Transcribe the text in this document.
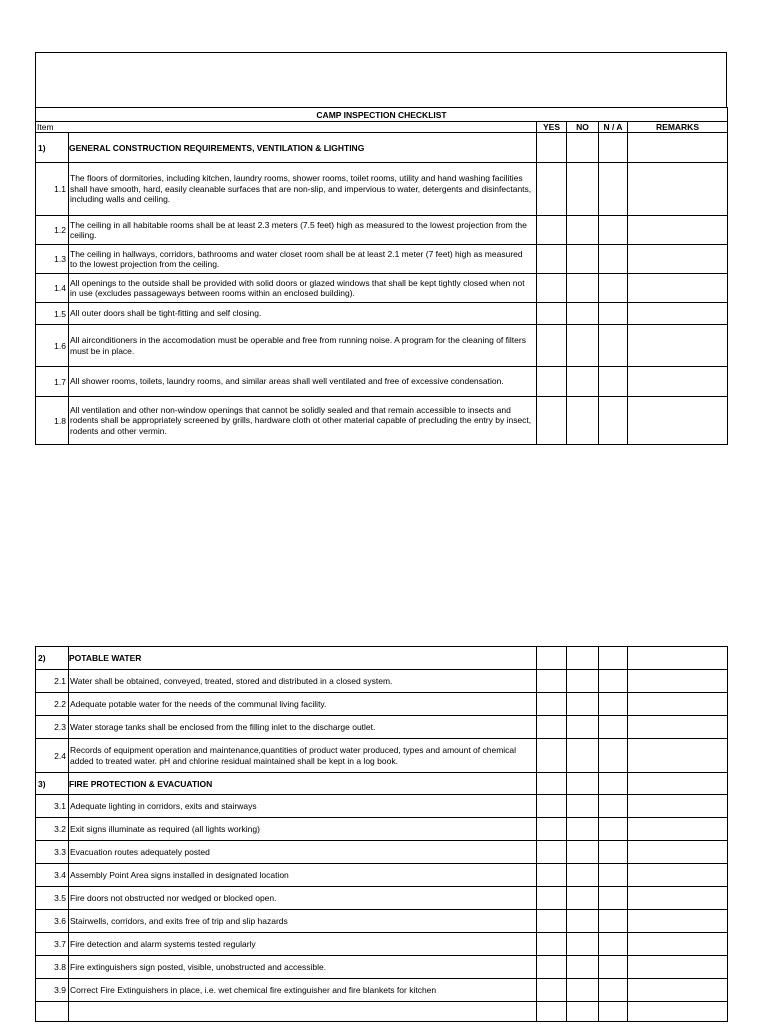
CAMP INSPECTION CHECKLIST					
Item		YES	NO	N / A	REMARKS
1)	GENERAL CONSTRUCTION REQUIREMENTS, VENTILATION & LIGHTING				
1.1	The floors of dormitories, including kitchen, laundry rooms, shower rooms, toilet rooms, utility and hand washing facilities shall have smooth, hard, easily cleanable surfaces that are non-slip, and impervious to water, detergents and disinfectants, including walls and ceiling.				
1.2	The ceiling in all habitable rooms shall be at least 2.3 meters (7.5 feet) high as measured to the lowest projection from the ceiling.				
1.3	The ceiling in hallways, corridors, bathrooms and water closet room shall be at least 2.1 meter (7 feet) high as measured to the lowest projection from the ceiling.				
1.4	All openings to the outside shall be provided with solid doors or glazed windows that shall be kept tightly closed when not in use (excludes passageways between rooms within an enclosed building).				
1.5	All outer doors shall be tight-fitting and self closing.				
1.6	All airconditioners in the accomodation must be operable and free from running noise. A program for the cleaning of filters must be in place.				
1.7	All shower rooms, toilets, laundry rooms, and similar areas shall well ventilated and free of excessive condensation.				
1.8	All ventilation and other non-window openings that cannot be solidly sealed and that remain accessible to insects and rodents shall be appropriately screened by grills, hardware cloth ot other material capable of precluding the entry by insect, rodents and other vermin.				
2)	POTABLE WATER				
2.1	Water shall be obtained, conveyed, treated, stored and distributed in a closed system.				
2.2	Adequate potable water for the needs of the communal living facility.				
2.3	Water storage tanks shall be enclosed from the filling inlet to the discharge outlet.				
2.4	Records of equipment operation and maintenance,quantities of product water produced, types and amount of chemical added to treated water. pH and chlorine residual maintained shall be kept in a log book.				
3)	FIRE PROTECTION & EVACUATION				
3.1	Adequate lighting in corridors, exits and stairways				
3.2	Exit signs illuminate as required (all lights working)				
3.3	Evacuation routes adequately posted				
3.4	Assembly Point Area signs installed in designated location				
3.5	Fire doors not obstructed nor wedged or blocked open.				
3.6	Stairwells, corridors, and exits free of trip and slip hazards				
3.7	Fire detection and alarm systems tested regularly				
3.8	Fire extinguishers sign posted, visible, unobstructed and accessible.				
3.9	Correct Fire Extinguishers in place, i.e. wet chemical fire extinguisher and fire blankets for kitchen				
